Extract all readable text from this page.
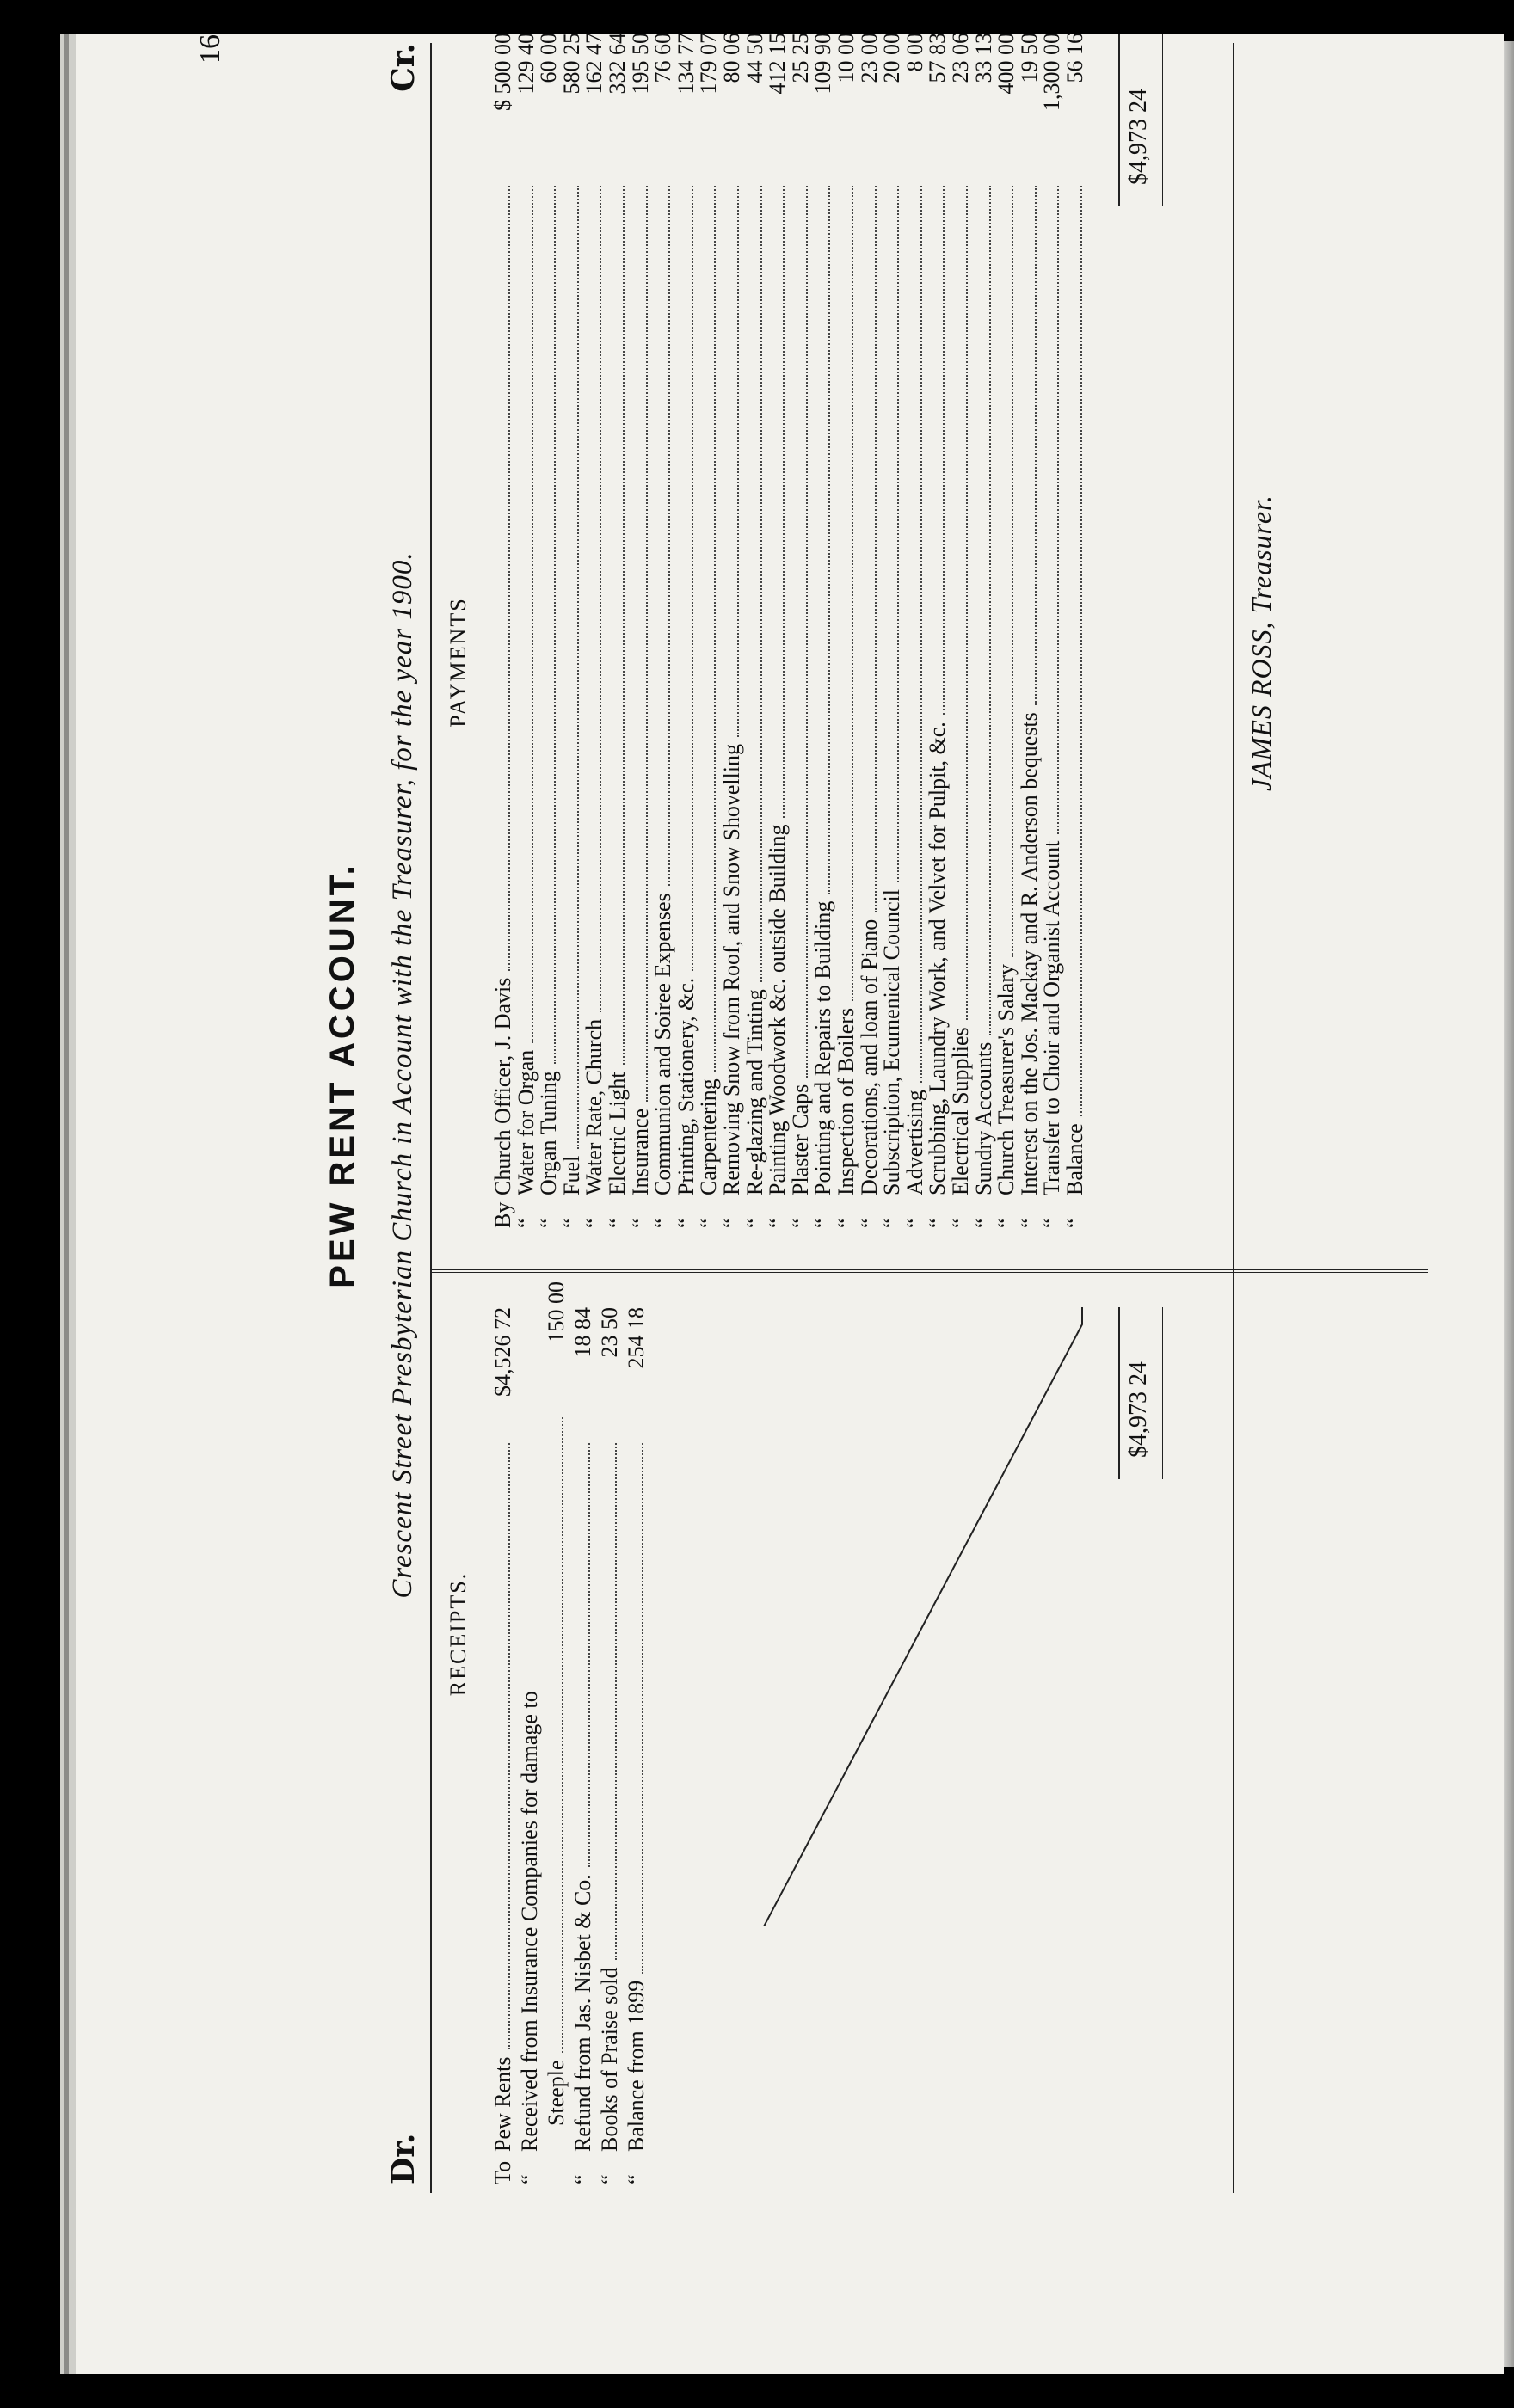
16
PEW RENT ACCOUNT.
Dr.
Crescent Street Presbyterian Church in Account with the Treasurer, for the year 1900.
Cr.
RECEIPTS.
PAYMENTS
To
Pew Rents
$4,526 72
“
Received from Insurance Companies for damage to Steeple
150 00
“
Refund from Jas. Nisbet & Co.
18 84
“
Books of Praise sold
23 50
“
Balance from 1899
254 18
By
Church Officer, J. Davis
$ 500 00
“
Water for Organ
129 40
“
Organ Tuning
60 00
“
Fuel
580 25
“
Water Rate, Church
162 47
“
Electric Light
332 64
“
Insurance
195 50
“
Communion and Soiree Expenses
76 60
“
Printing, Stationery, &c.
134 77
“
Carpentering
179 07
“
Removing Snow from Roof, and Snow Shovelling
80 06
“
Re-glazing and Tinting
44 50
“
Painting Woodwork &c. outside Building
412 15
“
Plaster Caps
25 25
“
Pointing and Repairs to Building
109 90
“
Inspection of Boilers
10 00
“
Decorations, and loan of Piano
23 00
“
Subscription, Ecumenical Council
20 00
“
Advertising
8 00
“
Scrubbing, Laundry Work, and Velvet for Pulpit, &c.
57 83
“
Electrical Supplies
23 06
“
Sundry Accounts
33 13
“
Church Treasurer's Salary
400 00
“
Interest on the Jos. Mackay and R. Anderson bequests
19 50
“
Transfer to Choir and Organist Account
1,300 00
“
Balance
56 16
$4,973 24
$4,973 24
JAMES ROSS, Treasurer.
